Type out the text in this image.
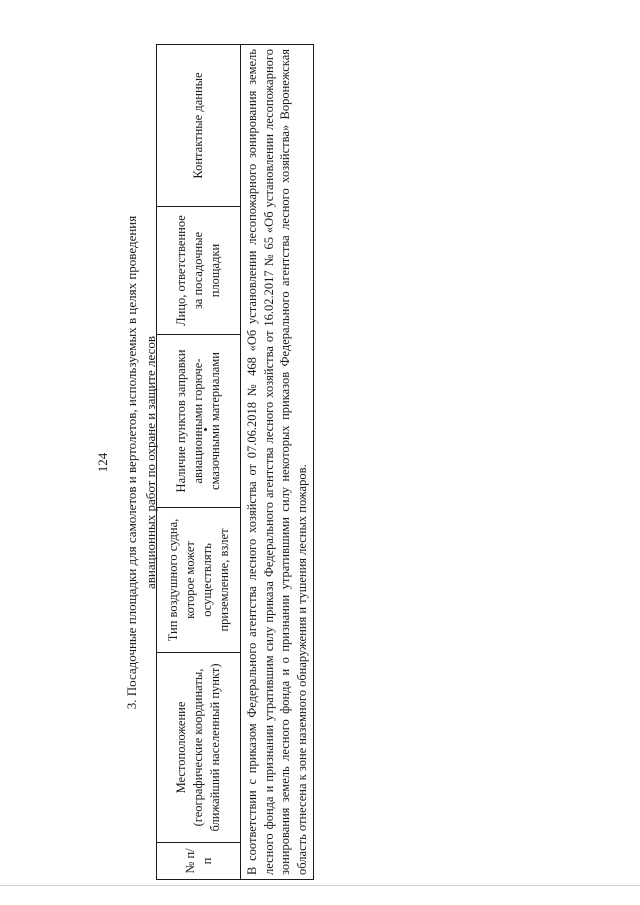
124 3. Посадочные площадки для самолетов и вертолетов, используемых в целях проведения авиационных работ по охране и защите лесов
№ п/п	Местоположение (географические координаты, ближайший населенный пункт)	Тип воздушного судна, которое может осуществлять приземление, взлет	Наличие пунктов заправки авиационными горюче-смазочными материалами	Лицо, ответственное за посадочные площадки	Контактные данные
В соответствии с приказом Федерального агентства лесного хозяйства от 07.06.2018 № 468 «Об установлении лесопожарного зонирования земель лесного фонда и признании утратившим силу приказа Федерального агентства лесного хозяйства от 16.02.2017 № 65 «Об установлении лесопожарного зонирования земель лесного фонда и о признании утратившими силу некоторых приказов Федерального агентства лесного хозяйства» Воронежская область отнесена к зоне наземного обнаружения и тушения лесных пожаров.
